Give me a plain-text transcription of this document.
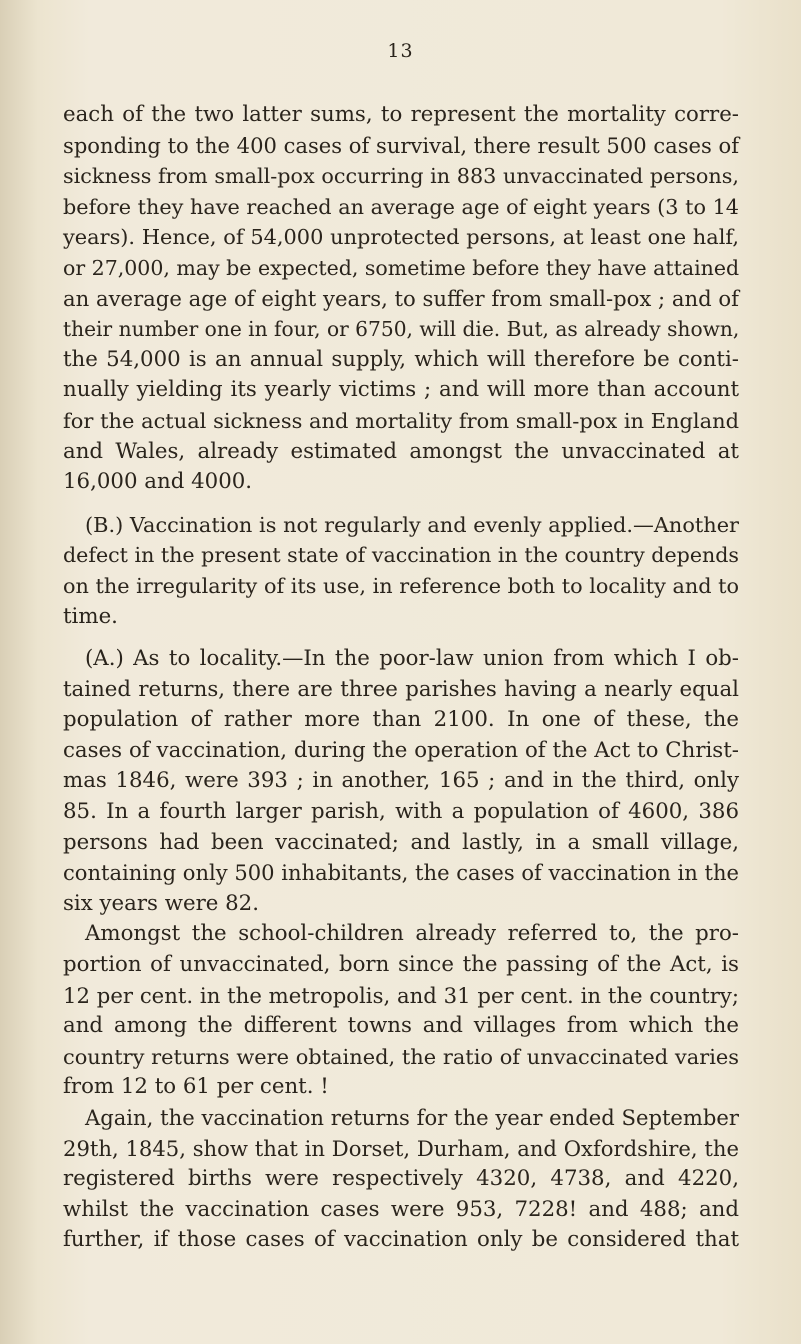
13

each of the two latter sums, to represent the mortality corre-
sponding to the 400 cases of survival, there result 500 cases of
sickness from small-pox occurring in 883 unvaccinated persons,
before they have reached an average age of eight years (3 to 14
years). Hence, of 54,000 unprotected persons, at least one half,
or 27,000, may be expected, sometime before they have attained
an average age of eight years, to suffer from small-pox ; and of
their number one in four, or 6750, will die. But, as already shown,
the 54,000 is an annual supply, which will therefore be conti-
nually yielding its yearly victims ; and will more than account
for the actual sickness and mortality from small-pox in England
and Wales, already estimated amongst the unvaccinated at
16,000 and 4000.

(B.) Vaccination is not regularly and evenly applied.—Another
defect in the present state of vaccination in the country depends
on the irregularity of its use, in reference both to locality and to
time.

(A.) As to locality.—In the poor-law union from which I ob-
tained returns, there are three parishes having a nearly equal
population of rather more than 2100. In one of these, the
cases of vaccination, during the operation of the Act to Christ-
mas 1846, were 393 ; in another, 165 ; and in the third, only
85. In a fourth larger parish, with a population of 4600, 386
persons had been vaccinated; and lastly, in a small village,
containing only 500 inhabitants, the cases of vaccination in the
six years were 82.

Amongst the school-children already referred to, the pro-
portion of unvaccinated, born since the passing of the Act, is
12 per cent. in the metropolis, and 31 per cent. in the country;
and among the different towns and villages from which the
country returns were obtained, the ratio of unvaccinated varies
from 12 to 61 per cent. !

Again, the vaccination returns for the year ended September
29th, 1845, show that in Dorset, Durham, and Oxfordshire, the
registered births were respectively 4320, 4738, and 4220,
whilst the vaccination cases were 953, 7228! and 488; and
further, if those cases of vaccination only be considered that
